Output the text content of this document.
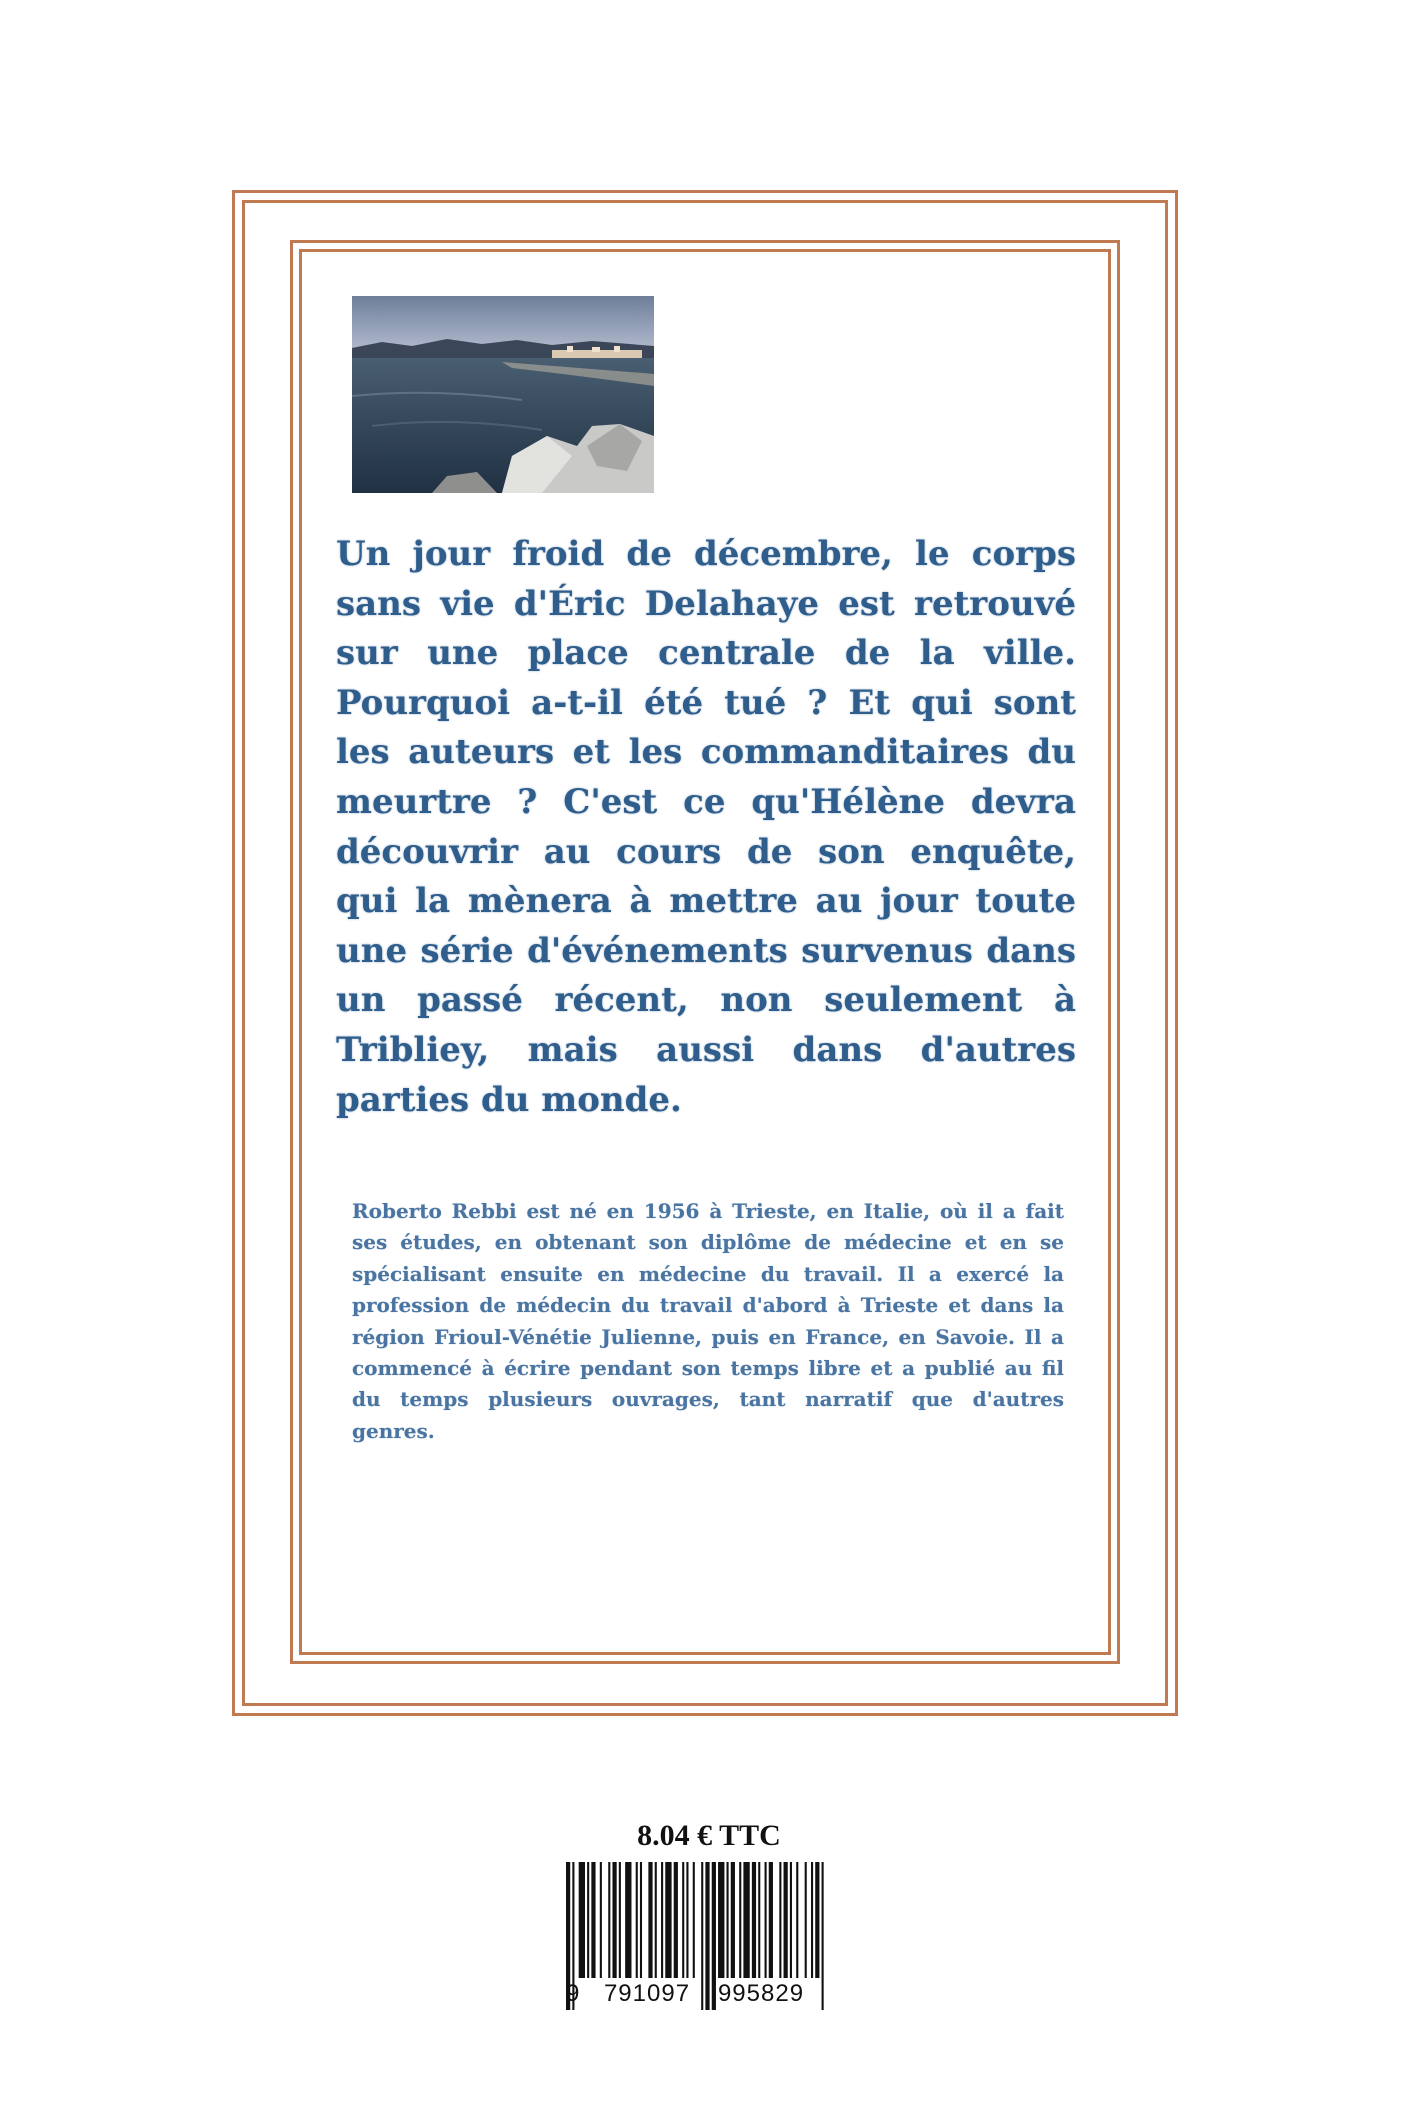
Un jour froid de décembre, le corps sans vie d'Éric Delahaye est retrouvé sur une place centrale de la ville. Pourquoi a-t-il été tué ? Et qui sont les auteurs et les commanditaires du meurtre ? C'est ce qu'Hélène devra découvrir au cours de son enquête, qui la mènera à mettre au jour toute une série d'événements survenus dans un passé récent, non seulement à Tribliey, mais aussi dans d'autres parties du monde.

Roberto Rebbi est né en 1956 à Trieste, en Italie, où il a fait ses études, en obtenant son diplôme de médecine et en se spécialisant ensuite en médecine du travail. Il a exercé la profession de médecin du travail d'abord à Trieste et dans la région Frioul-Vénétie Julienne, puis en France, en Savoie. Il a commencé à écrire pendant son temps libre et a publié au fil du temps plusieurs ouvrages, tant narratif que d'autres genres.

8.04 € TTC
9	791097	995829
